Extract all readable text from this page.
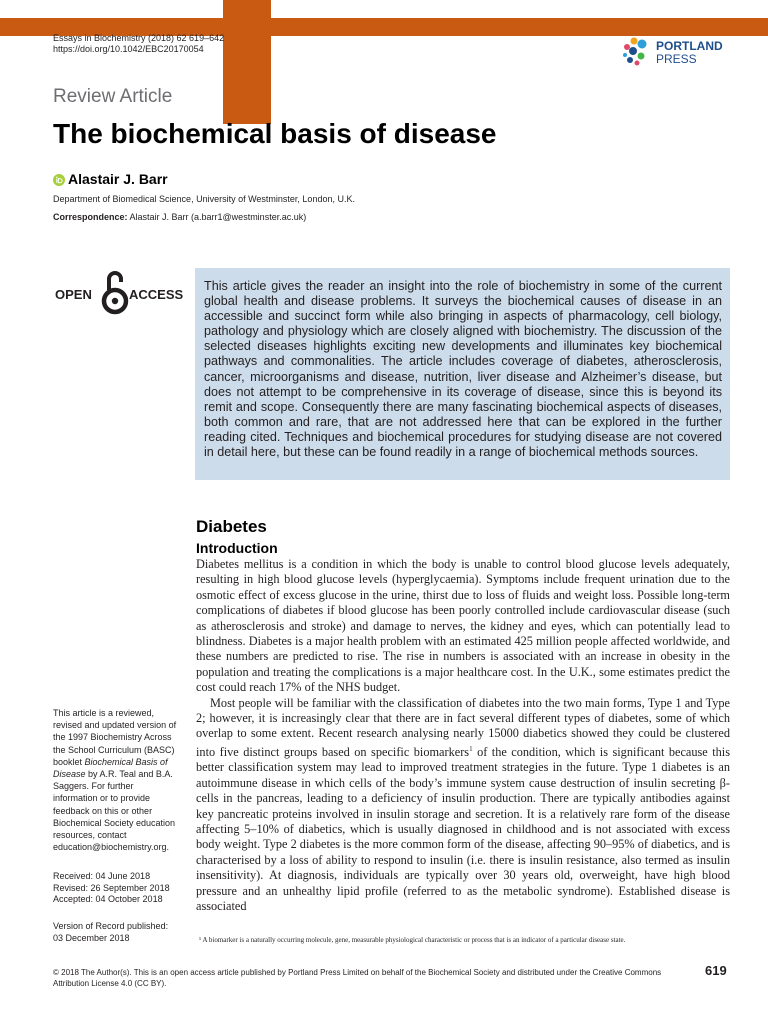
Essays in Biochemistry (2018) 62 619–642
https://doi.org/10.1042/EBC20170054	PORTLAND
PRESS
Review Article
The biochemical basis of disease
Alastair J. Barr
Department of Biomedical Science, University of Westminster, London, U.K.
Correspondence: Alastair J. Barr (a.barr1@westminster.ac.uk)
OPEN	ACCESS

This article gives the reader an insight into the role of biochemistry in some of the current global health and disease problems. It surveys the biochemical causes of disease in an accessible and succinct form while also bringing in aspects of pharmacology, cell biology, pathology and physiology which are closely aligned with biochemistry. The discussion of the selected diseases highlights exciting new developments and illuminates key biochemical pathways and commonalities. The article includes coverage of diabetes, atherosclerosis, cancer, microorganisms and disease, nutrition, liver disease and Alzheimer’s disease, but does not attempt to be comprehensive in its coverage of disease, since this is beyond its remit and scope. Consequently there are many fascinating biochemical aspects of diseases, both common and rare, that are not addressed here that can be explored in the further reading cited. Techniques and biochemical procedures for studying disease are not covered in detail here, but these can be found readily in a range of biochemical methods sources.

Diabetes
Introduction

Diabetes mellitus is a condition in which the body is unable to control blood glucose levels adequately, resulting in high blood glucose levels (hyperglycaemia). Symptoms include frequent urination due to the osmotic effect of excess glucose in the urine, thirst due to loss of fluids and weight loss. Possible long-term complications of diabetes if blood glucose has been poorly controlled include cardiovascular disease (such as atherosclerosis and stroke) and damage to nerves, the kidney and eyes, which can potentially lead to blindness. Diabetes is a major health problem with an estimated 425 million people affected worldwide, and these numbers are predicted to rise. The rise in numbers is associated with an increase in obesity in the population and treating the complications is a major healthcare cost. In the U.K., some estimates predict the cost could reach 17% of the NHS budget.

Most people will be familiar with the classification of diabetes into the two main forms, Type 1 and Type 2; however, it is increasingly clear that there are in fact several different types of diabetes, some of which overlap to some extent. Recent research analysing nearly 15000 diabetics showed they could be clustered into five distinct groups based on specific biomarkers$^1$ of the condition, which is significant because this better classification system may lead to improved treatment strategies in the future. Type 1 diabetes is an autoimmune disease in which cells of the body’s immune system cause destruction of insulin secreting β-cells in the pancreas, leading to a deficiency of insulin production. There are typically antibodies against key pancreatic proteins involved in insulin storage and secretion. It is a relatively rare form of the disease affecting 5–10% of diabetics, which is usually diagnosed in childhood and is not associated with excess body weight. Type 2 diabetes is the more common form of the disease, affecting 90–95% of diabetics, and is characterised by a loss of ability to respond to insulin (i.e. there is insulin resistance, also termed as insulin insensitivity). At diagnosis, individuals are typically over 30 years old, overweight, have high blood pressure and an unhealthy lipid profile (referred to as the metabolic syndrome). Established disease is associated

This article is a reviewed, revised and updated version of the 1997 Biochemistry Across the School Curriculum (BASC) booklet Biochemical Basis of Disease by A.R. Teal and B.A. Saggers. For further information or to provide feedback on this or other Biochemical Society education resources, contact education@biochemistry.org.
Received: 04 June 2018
Revised: 26 September 2018
Accepted: 04 October 2018
Version of Record published:
03 December 2018	¹ A biomarker is a naturally occurring molecule, gene, measurable physiological characteristic or process that is an indicator of a particular disease state.
© 2018 The Author(s). This is an open access article published by Portland Press Limited on behalf of the Biochemical Society and distributed under the Creative Commons Attribution License 4.0 (CC BY).
619
